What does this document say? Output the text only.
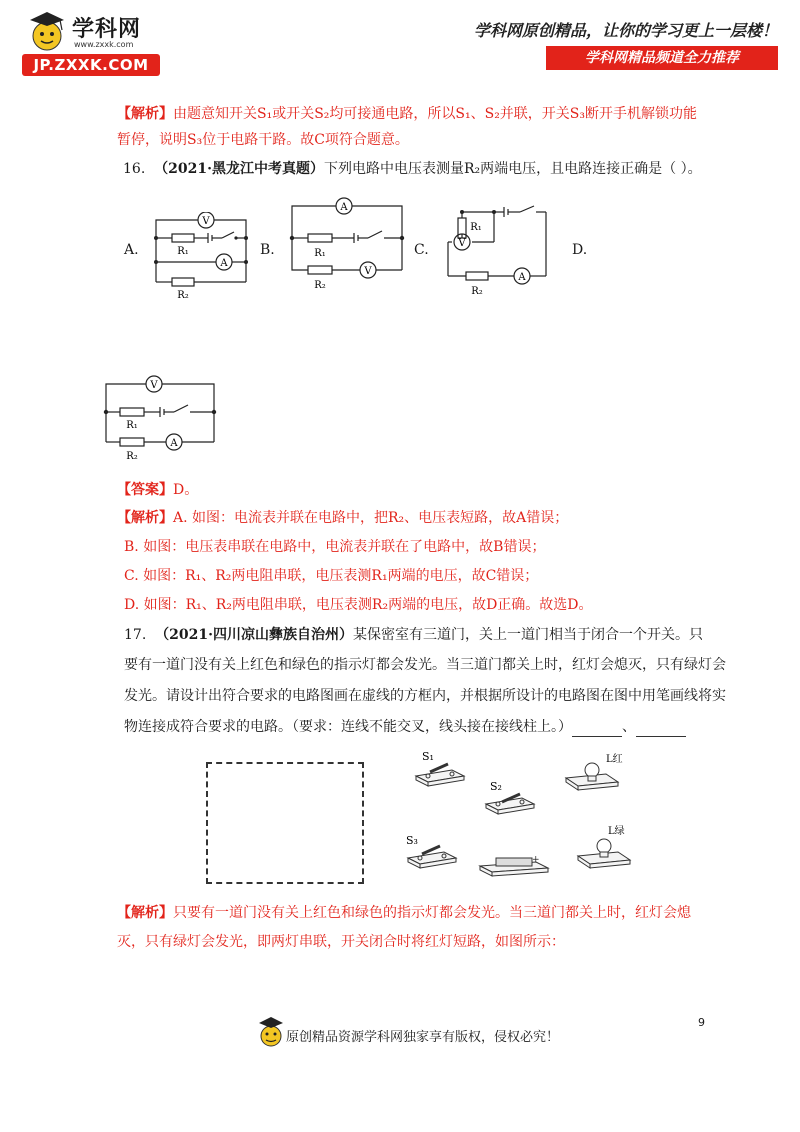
学科网
www.zxxk.com
JP.ZXXK.COM
学科网原创精品，让你的学习更上一层楼！
学科网精品频道全力推荐
【解析】由题意知开关S₁或开关S₂均可接通电路，所以S₁、S₂并联，开关S₃断开手机解锁功能
暂停，说明S₃位于电路干路。故C项符合题意。
16. （2021·黑龙江中考真题）下列电路中电压表测量R₂两端电压，且电路连接正确是（ ）。
A.	B.	C.	D.
V
A
R₁
R₂
A
V
R₁
R₂
V
A
R₁
R₂
V
A
R₁
R₂
【答案】D。
【解析】A. 如图：电流表并联在电路中，把R₂、电压表短路，故A错误；
B. 如图：电压表串联在电路中，电流表并联在了电路中，故B错误；
C. 如图：R₁、R₂两电阻串联，电压表测R₁两端的电压，故C错误；
D. 如图：R₁、R₂两电阻串联，电压表测R₂两端的电压，故D正确。故选D。
17. （2021·四川凉山彝族自治州）某保密室有三道门，关上一道门相当于闭合一个开关。只
要有一道门没有关上红色和绿色的指示灯都会发光。当三道门都关上时，红灯会熄灭，只有绿灯会
发光。请设计出符合要求的电路图画在虚线的方框内，并根据所设计的电路图在图中用笔画线将实
物连接成符合要求的电路。（要求：连线不能交叉，线头接在接线柱上。）	、
+
S₁
S₂
S₃
L红
L绿
【解析】只要有一道门没有关上红色和绿色的指示灯都会发光。当三道门都关上时，红灯会熄
灭，只有绿灯会发光，即两灯串联，开关闭合时将红灯短路，如图所示：
9
原创精品资源学科网独家享有版权，侵权必究！
